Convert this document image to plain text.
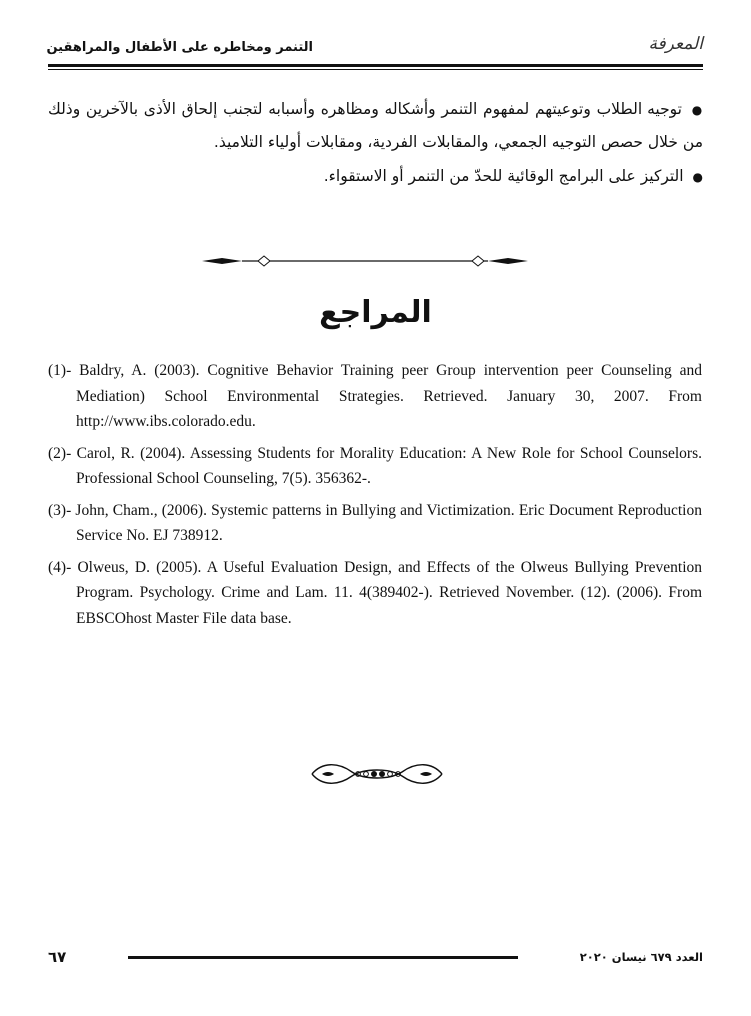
المعرفة
التنمر ومخاطره على الأطفال والمراهقين

● توجيه الطلاب وتوعيتهم لمفهوم التنمر وأشكاله ومظاهره وأسبابه لتجنب إلحاق الأذى بالآخرين وذلك من خلال حصص التوجيه الجمعي، والمقابلات الفردية، ومقابلات أولياء التلاميذ.

● التركيز على البرامج الوقائية للحدّ من التنمر أو الاستقواء.

المراجع
(1)- Baldry, A. (2003). Cognitive Behavior Training peer Group intervention peer Counseling and Mediation) School Environmental Strategies. Retrieved. January 30, 2007. From http://www.ibs.colorado.edu.
(2)- Carol, R. (2004). Assessing Students for Morality Education: A New Role for School Counselors. Professional School Counseling, 7(5). 356362-.
(3)- John, Cham., (2006). Systemic patterns in Bullying and Victimization. Eric Document Reproduction Service No. EJ 738912.
(4)- Olweus, D. (2005). A Useful Evaluation Design, and Effects of the Olweus Bullying Prevention Program. Psychology. Crime and Lam. 11. 4(389402-). Retrieved November. (12). (2006). From EBSCOhost Master File data base.
٦٧	العدد ٦٧٩ نيسان ٢٠٢٠
